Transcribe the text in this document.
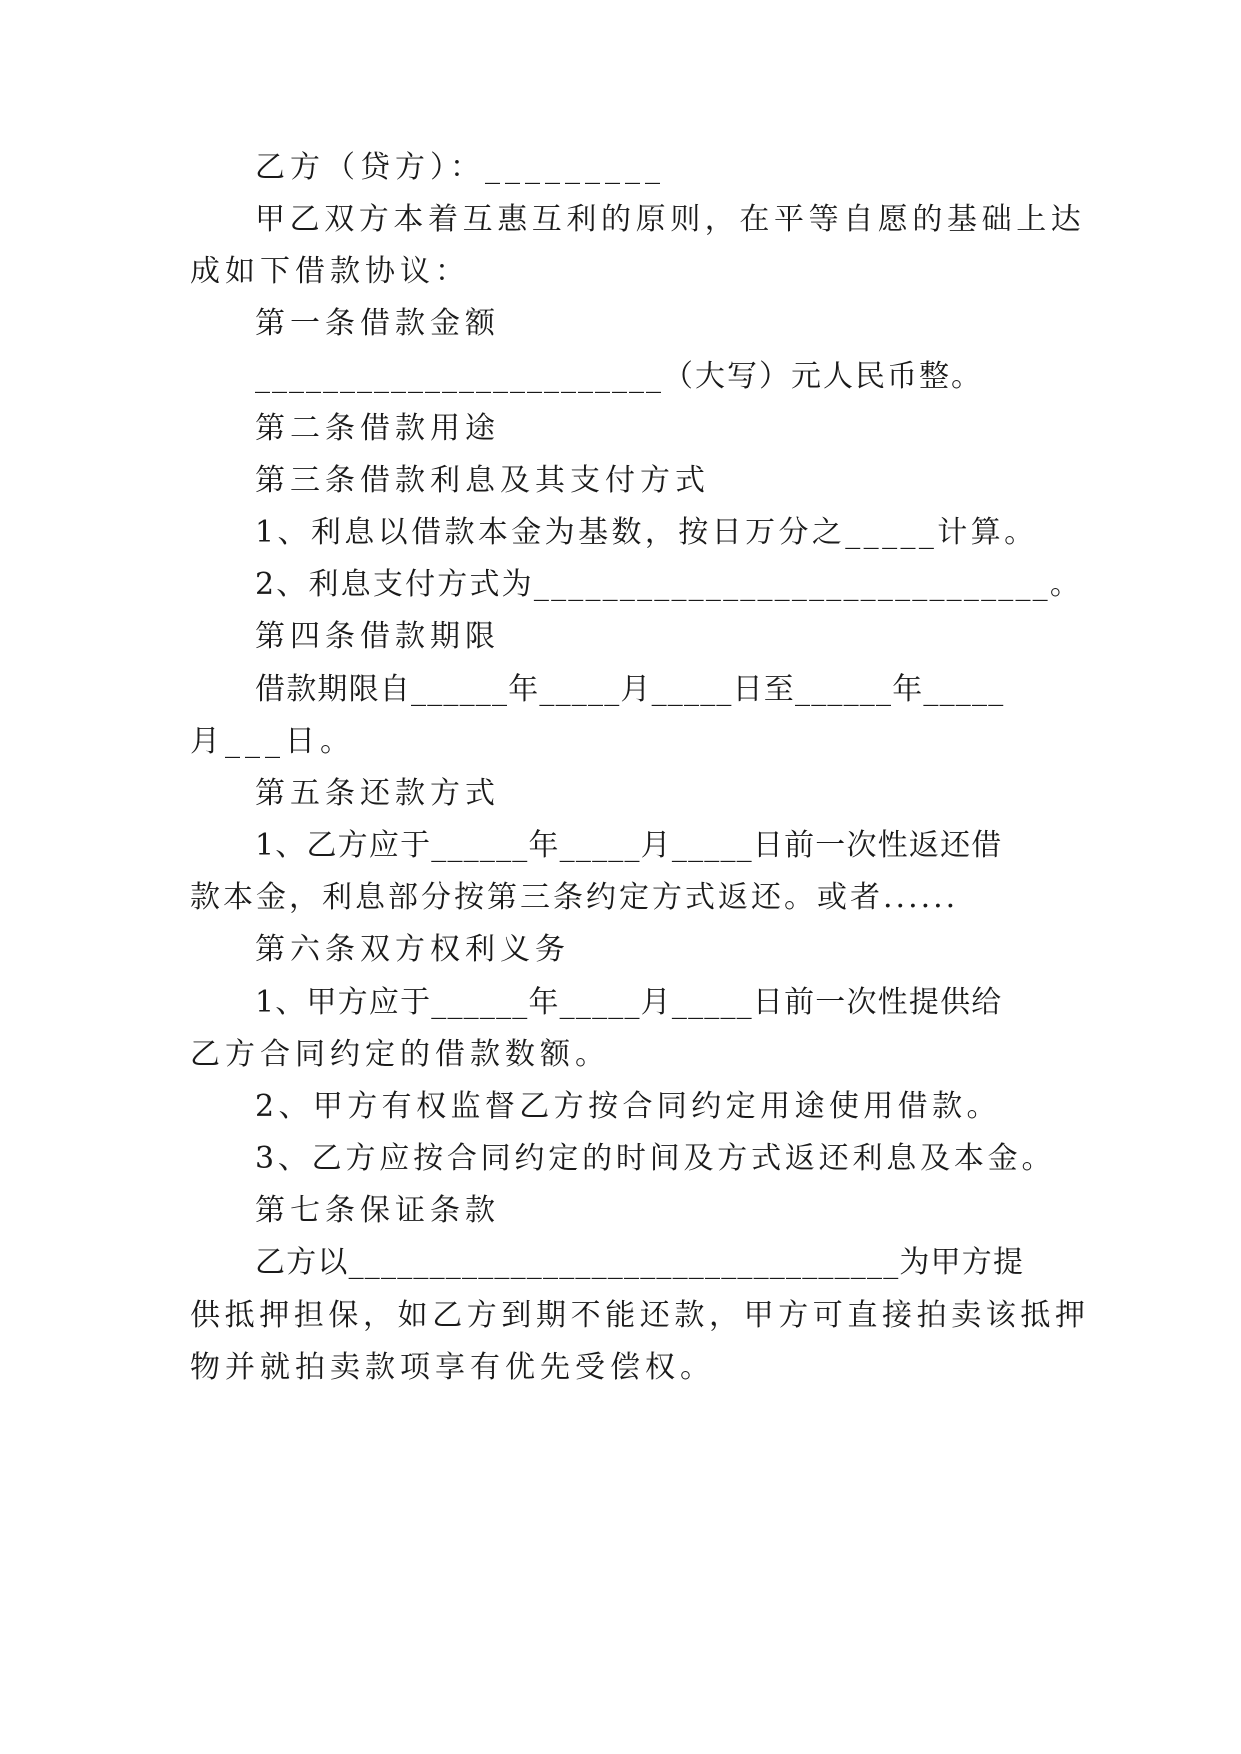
乙方（贷方）：_________

甲乙双方本着互惠互利的原则，在平等自愿的基础上达

成如下借款协议：

第一条借款金额

________________________（大写）元人民币整。

第二条借款用途

第三条借款利息及其支付方式

1、利息以借款本金为基数，按日万分之_____计算。

2、利息支付方式为______________________________。

第四条借款期限

借款期限自______年_____月_____日至______年_____

月___日。

第五条还款方式

1、乙方应于______年_____月_____日前一次性返还借

款本金，利息部分按第三条约定方式返还。或者......

第六条双方权利义务

1、甲方应于______年_____月_____日前一次性提供给

乙方合同约定的借款数额。

2、甲方有权监督乙方按合同约定用途使用借款。

3、乙方应按合同约定的时间及方式返还利息及本金。

第七条保证条款

乙方以__________________________________为甲方提

供抵押担保，如乙方到期不能还款，甲方可直接拍卖该抵押

物并就拍卖款项享有优先受偿权。
